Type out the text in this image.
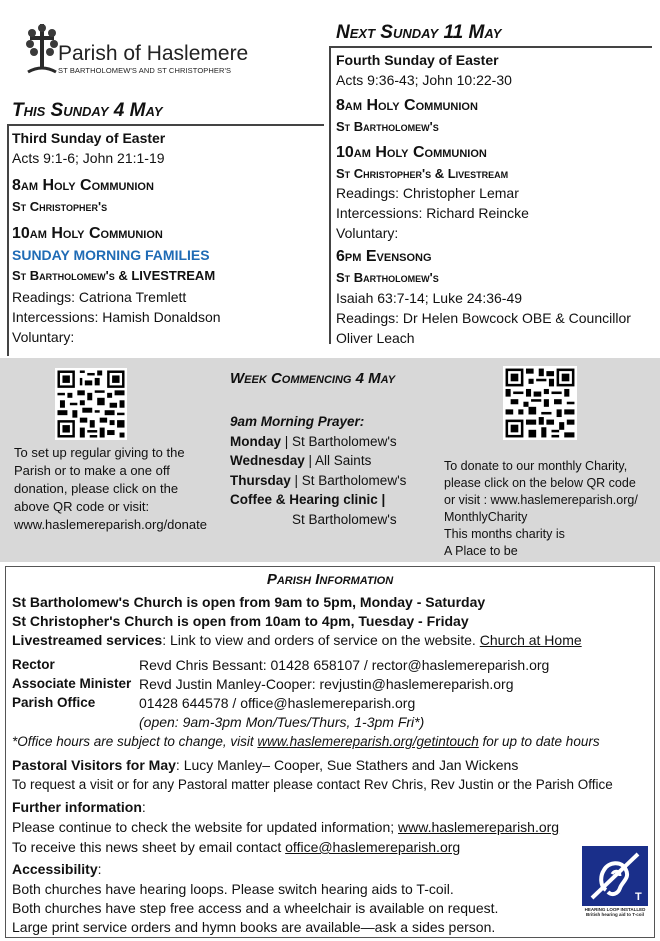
Parish of Haslemere
ST BARTHOLOMEW'S AND ST CHRISTOPHER'S
This Sunday 4 May
Third Sunday of Easter
Acts 9:1-6; John 21:1-19
8am Holy Communion
St Christopher's
10am Holy Communion
SUNDAY MORNING FAMILIES
St Bartholomew's & LIVESTREAM
Readings: Catriona Tremlett
Intercessions: Hamish Donaldson
Voluntary:
Next Sunday 11 May
Fourth Sunday of Easter
Acts 9:36-43; John 10:22-30
8am Holy Communion
St Bartholomew's
10am Holy Communion
St Christopher's & Livestream
Readings: Christopher Lemar
Intercessions: Richard Reincke
Voluntary:
6pm Evensong
St Bartholomew's
Isaiah 63:7-14; Luke 24:36-49
Readings: Dr Helen Bowcock OBE & Councillor
Oliver Leach
To set up regular giving to the
Parish or to make a one off
donation, please click on the
above QR code or visit:
www.haslemereparish.org/donate
Week Commencing 4 May
9am Morning Prayer:
Monday | St Bartholomew's
Wednesday | All Saints
Thursday | St Bartholomew's
Coffee & Hearing clinic |
St Bartholomew's
To donate to our monthly Charity,
please click on the below QR code
or visit : www.haslemereparish.org/
MonthlyCharity
This months charity is
A Place to be
Parish Information
St Bartholomew's Church is open from 9am to 5pm, Monday - Saturday
St Christopher's Church is open from 10am to 4pm, Tuesday - Friday
Livestreamed services: Link to view and orders of service on the website. Church at Home
Rector	Revd Chris Bessant: 01428 658107 / rector@haslemereparish.org
Associate Minister Revd Justin Manley-Cooper: revjustin@haslemereparish.org
Parish Office	01428 644578 / office@haslemereparish.org
(open: 9am-3pm Mon/Tues/Thurs, 1-3pm Fri*)
*Office hours are subject to change, visit www.haslemereparish.org/getintouch for up to date hours
Pastoral Visitors for May: Lucy Manley– Cooper, Sue Stathers and Jan Wickens
To request a visit or for any Pastoral matter please contact Rev Chris, Rev Justin or the Parish Office
Further information:
Please continue to check the website for updated information; www.haslemereparish.org
To receive this news sheet by email contact office@haslemereparish.org
Accessibility:
Both churches have hearing loops. Please switch hearing aids to T-coil.
Both churches have step free access and a wheelchair is available on request.
Large print service orders and hymn books are available—ask a sides person.
T
HEARING LOOP INSTALLED British hearing aid to T-coil
